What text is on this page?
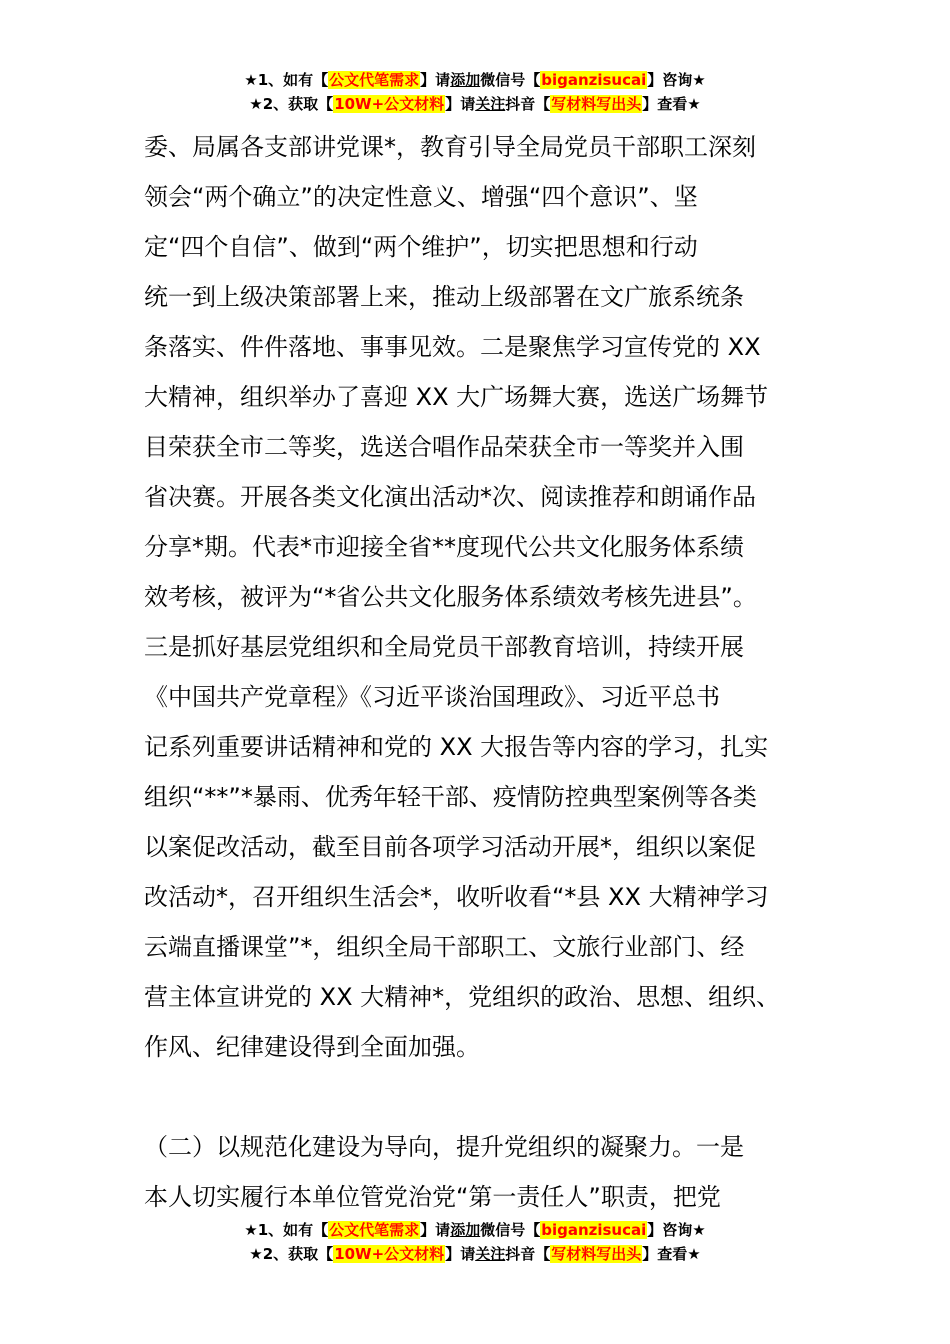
★1、如有【公文代笔需求】请添加微信号【biganzisucai】咨询★
★2、获取【10W+公文材料】请关注抖音【写材料写出头】查看★
委、局属各支部讲党课*，教育引导全局党员干部职工深刻
领会“两个确立”的决定性意义、增强“四个意识”、坚
定“四个自信”、做到“两个维护”，切实把思想和行动
统一到上级决策部署上来，推动上级部署在文广旅系统条
条落实、件件落地、事事见效。二是聚焦学习宣传党的 XX
大精神，组织举办了喜迎 XX 大广场舞大赛，选送广场舞节
目荣获全市二等奖，选送合唱作品荣获全市一等奖并入围
省决赛。开展各类文化演出活动*次、阅读推荐和朗诵作品
分享*期。代表*市迎接全省**度现代公共文化服务体系绩
效考核，被评为“*省公共文化服务体系绩效考核先进县”。
三是抓好基层党组织和全局党员干部教育培训，持续开展
《中国共产党章程》《习近平谈治国理政》、习近平总书
记系列重要讲话精神和党的 XX 大报告等内容的学习，扎实
组织“**”*暴雨、优秀年轻干部、疫情防控典型案例等各类
以案促改活动，截至目前各项学习活动开展*，组织以案促
改活动*，召开组织生活会*，收听收看“*县 XX 大精神学习
云端直播课堂”*，组织全局干部职工、文旅行业部门、经
营主体宣讲党的 XX 大精神*，党组织的政治、思想、组织、
作风、纪律建设得到全面加强。
（二）以规范化建设为导向，提升党组织的凝聚力。一是
本人切实履行本单位管党治党“第一责任人”职责，把党
★1、如有【公文代笔需求】请添加微信号【biganzisucai】咨询★
★2、获取【10W+公文材料】请关注抖音【写材料写出头】查看★
